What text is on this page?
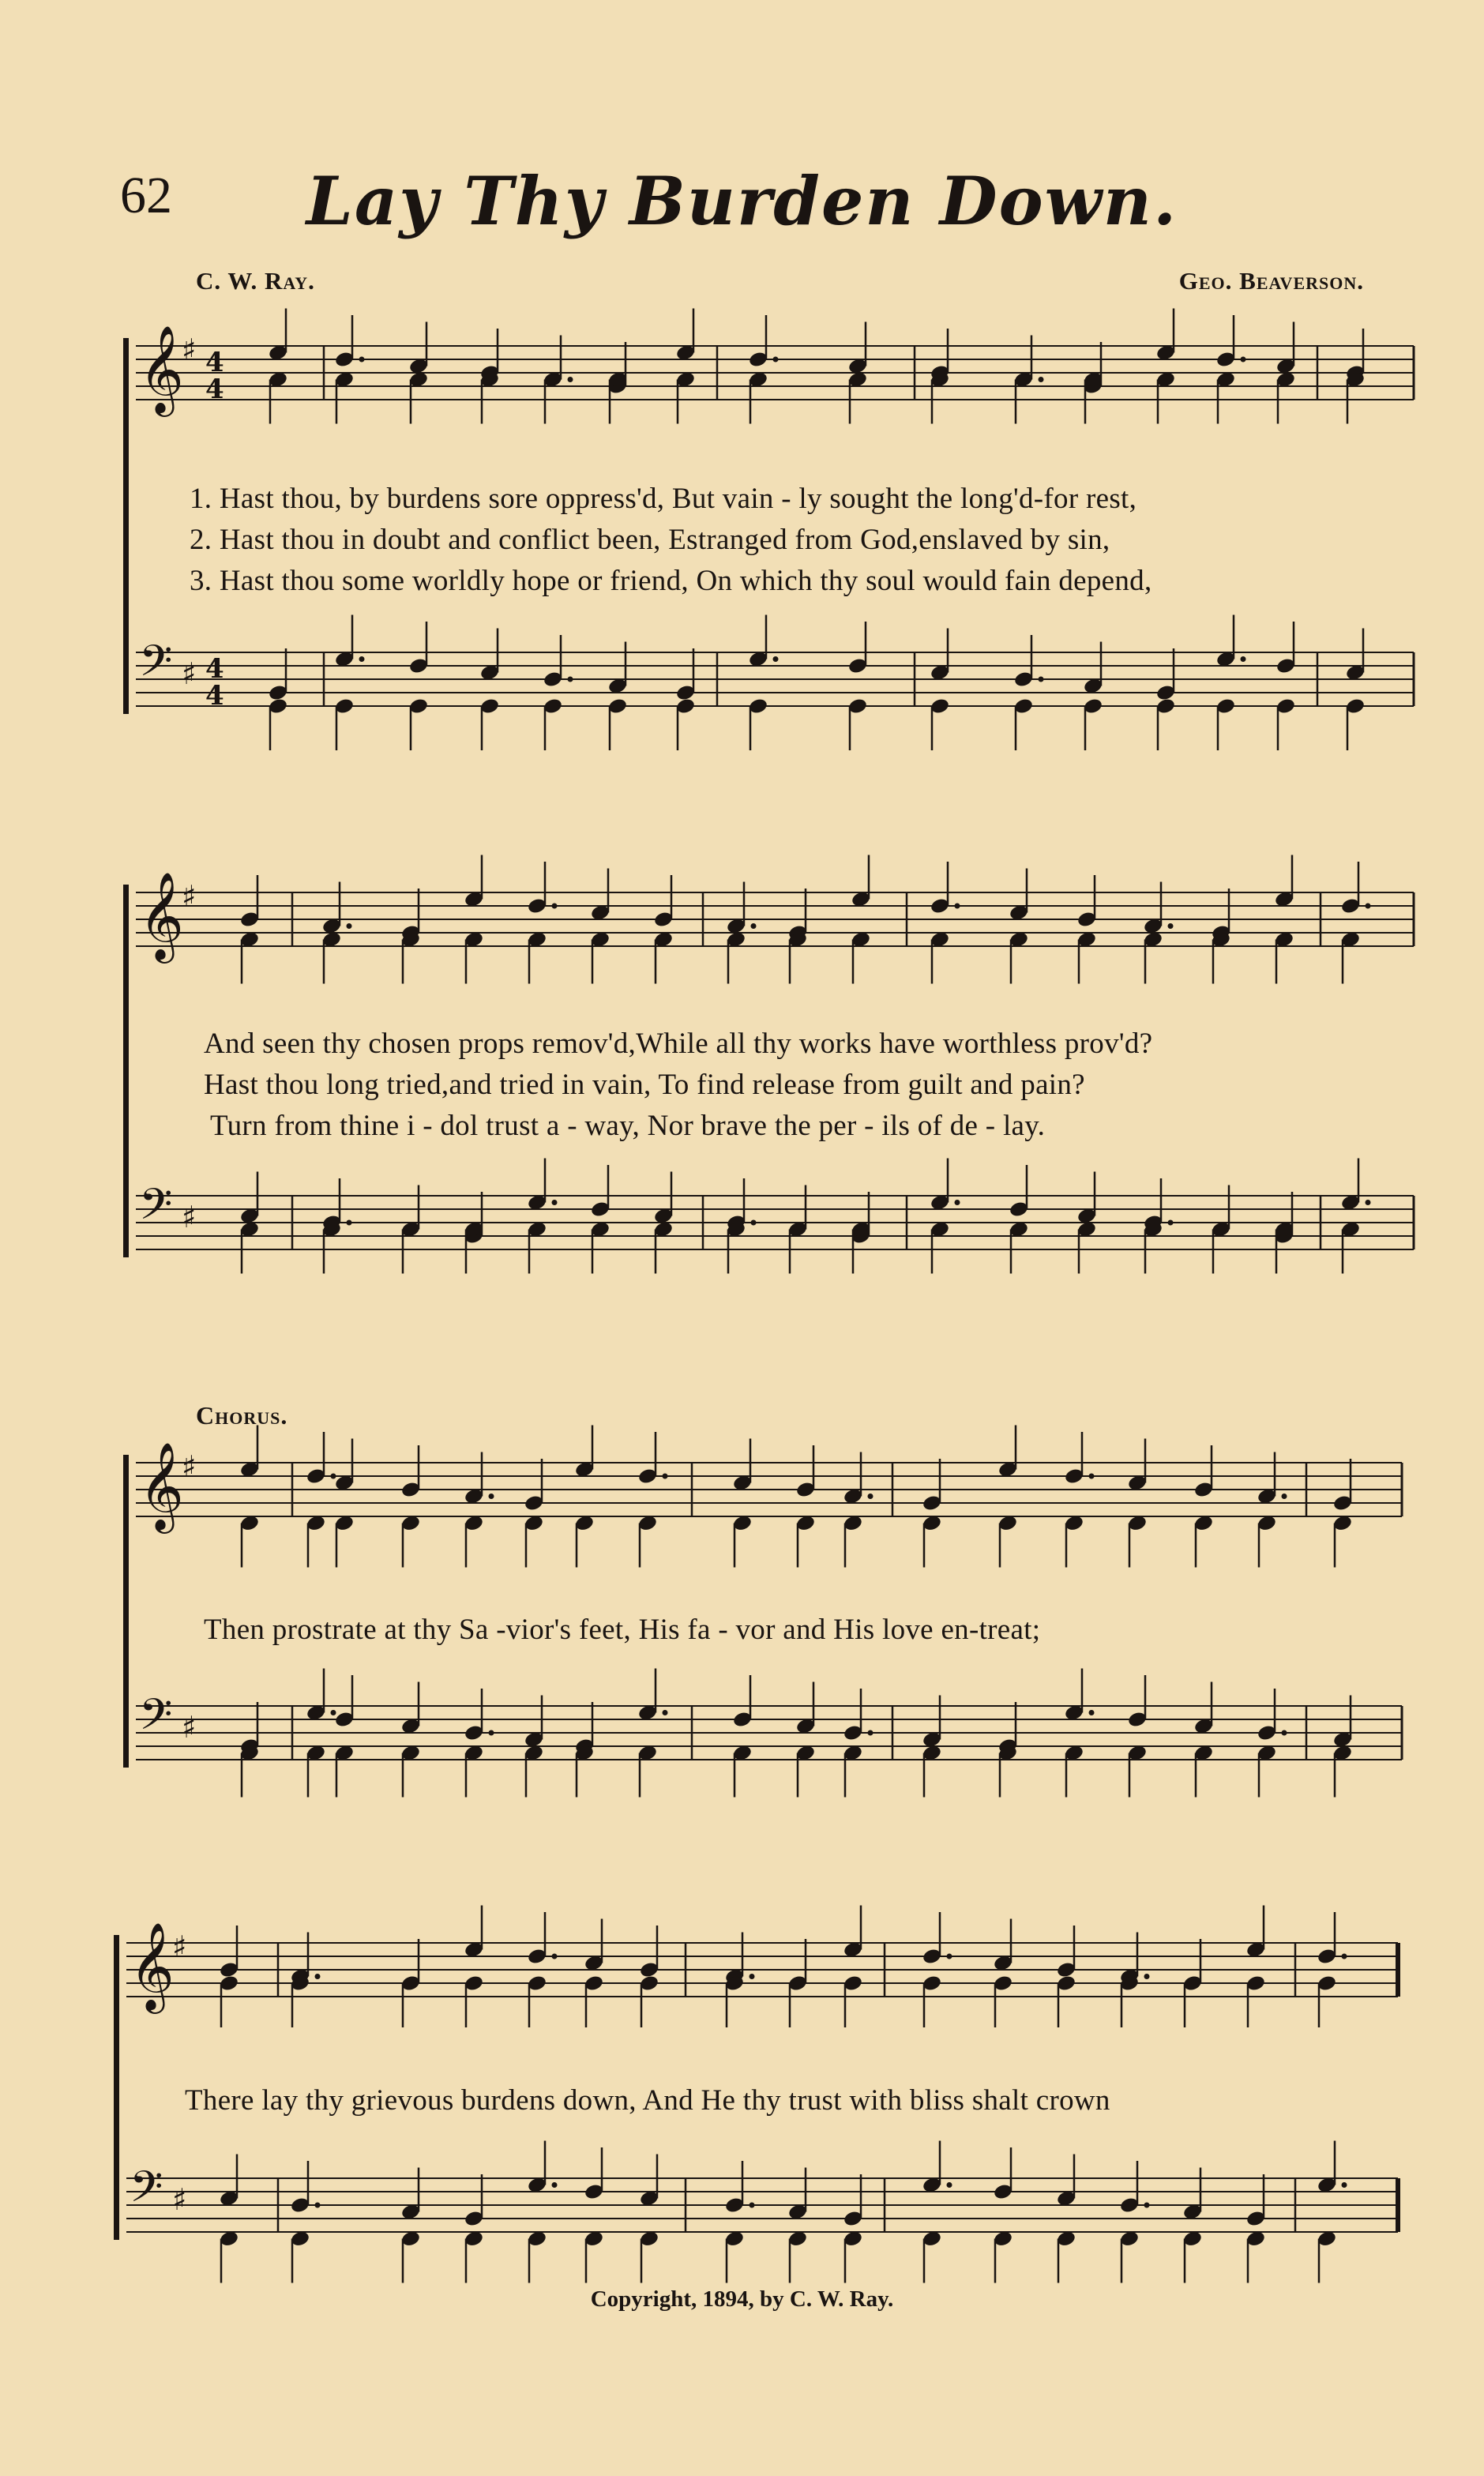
𝄞
♯ 4
4
𝄢 ♯ 4
4
𝄞
♯
𝄢 ♯
𝄞
♯
𝄢 ♯
𝄞
♯
𝄢 ♯
62	Lay Thy Burden Down.
C. W. Ray.	Geo. Beaverson.
1. Hast thou, by burdens sore oppress'd, But vain - ly sought the long'd-for rest,
2. Hast thou in doubt and conflict been, Estranged from God,enslaved by sin,
3. Hast thou some worldly hope or friend, On which thy soul would fain depend,
And seen thy chosen props remov'd,While all thy works have worthless prov'd?
Hast thou long tried,and tried in vain, To find release from guilt and pain?
Turn from thine i - dol trust a - way, Nor brave the per - ils of de - lay.
Chorus.
Then prostrate at thy Sa -vior's feet, His fa - vor and His love en-treat;
There lay thy grievous burdens down, And He thy trust with bliss shalt crown
Copyright, 1894, by C. W. Ray.
